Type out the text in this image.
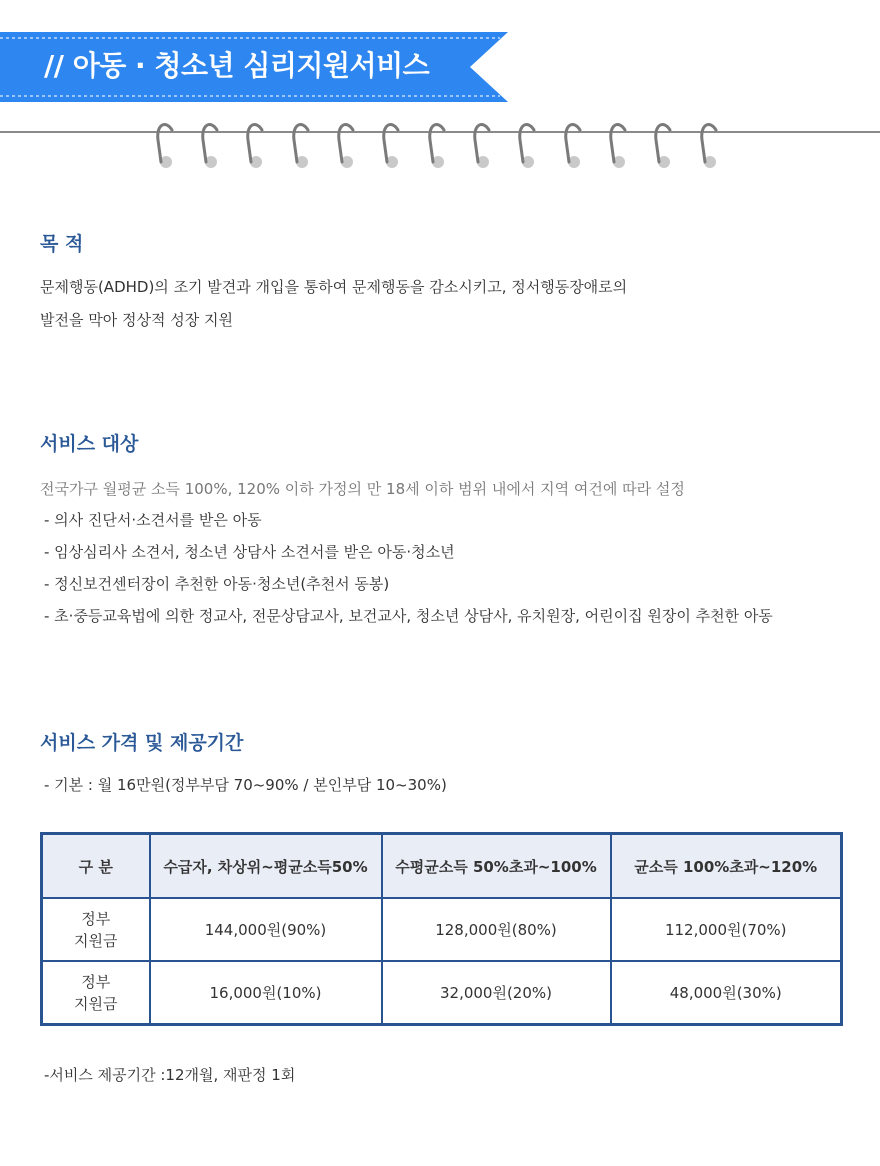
// 아동 · 청소년 심리지원서비스
목 적
문제행동(ADHD)의 조기 발견과 개입을 통하여 문제행동을 감소시키고, 정서행동장애로의
발전을 막아 정상적 성장 지원
서비스 대상
전국가구 월평균 소득 100%, 120% 이하 가정의 만 18세 이하 범위 내에서 지역 여건에 따라 설정
- 의사 진단서·소견서를 받은 아동
- 임상심리사 소견서, 청소년 상담사 소견서를 받은 아동·청소년
- 정신보건센터장이 추천한 아동·청소년(추천서 동봉)
- 초·중등교육법에 의한 정교사, 전문상담교사, 보건교사, 청소년 상담사, 유치원장, 어린이집 원장이 추천한 아동
서비스 가격 및 제공기간
- 기본 : 월 16만원(정부부담 70~90% / 본인부담 10~30%)
구 분	수급자, 차상위~평균소득50%	수평균소득 50%초과~100%	균소득 100%초과~120%

정부
지원금	144,000원(90%)	128,000원(80%)	112,000원(70%)

정부
지원금	16,000원(10%)	32,000원(20%)	48,000원(30%)
-서비스 제공기간 :12개월, 재판정 1회
